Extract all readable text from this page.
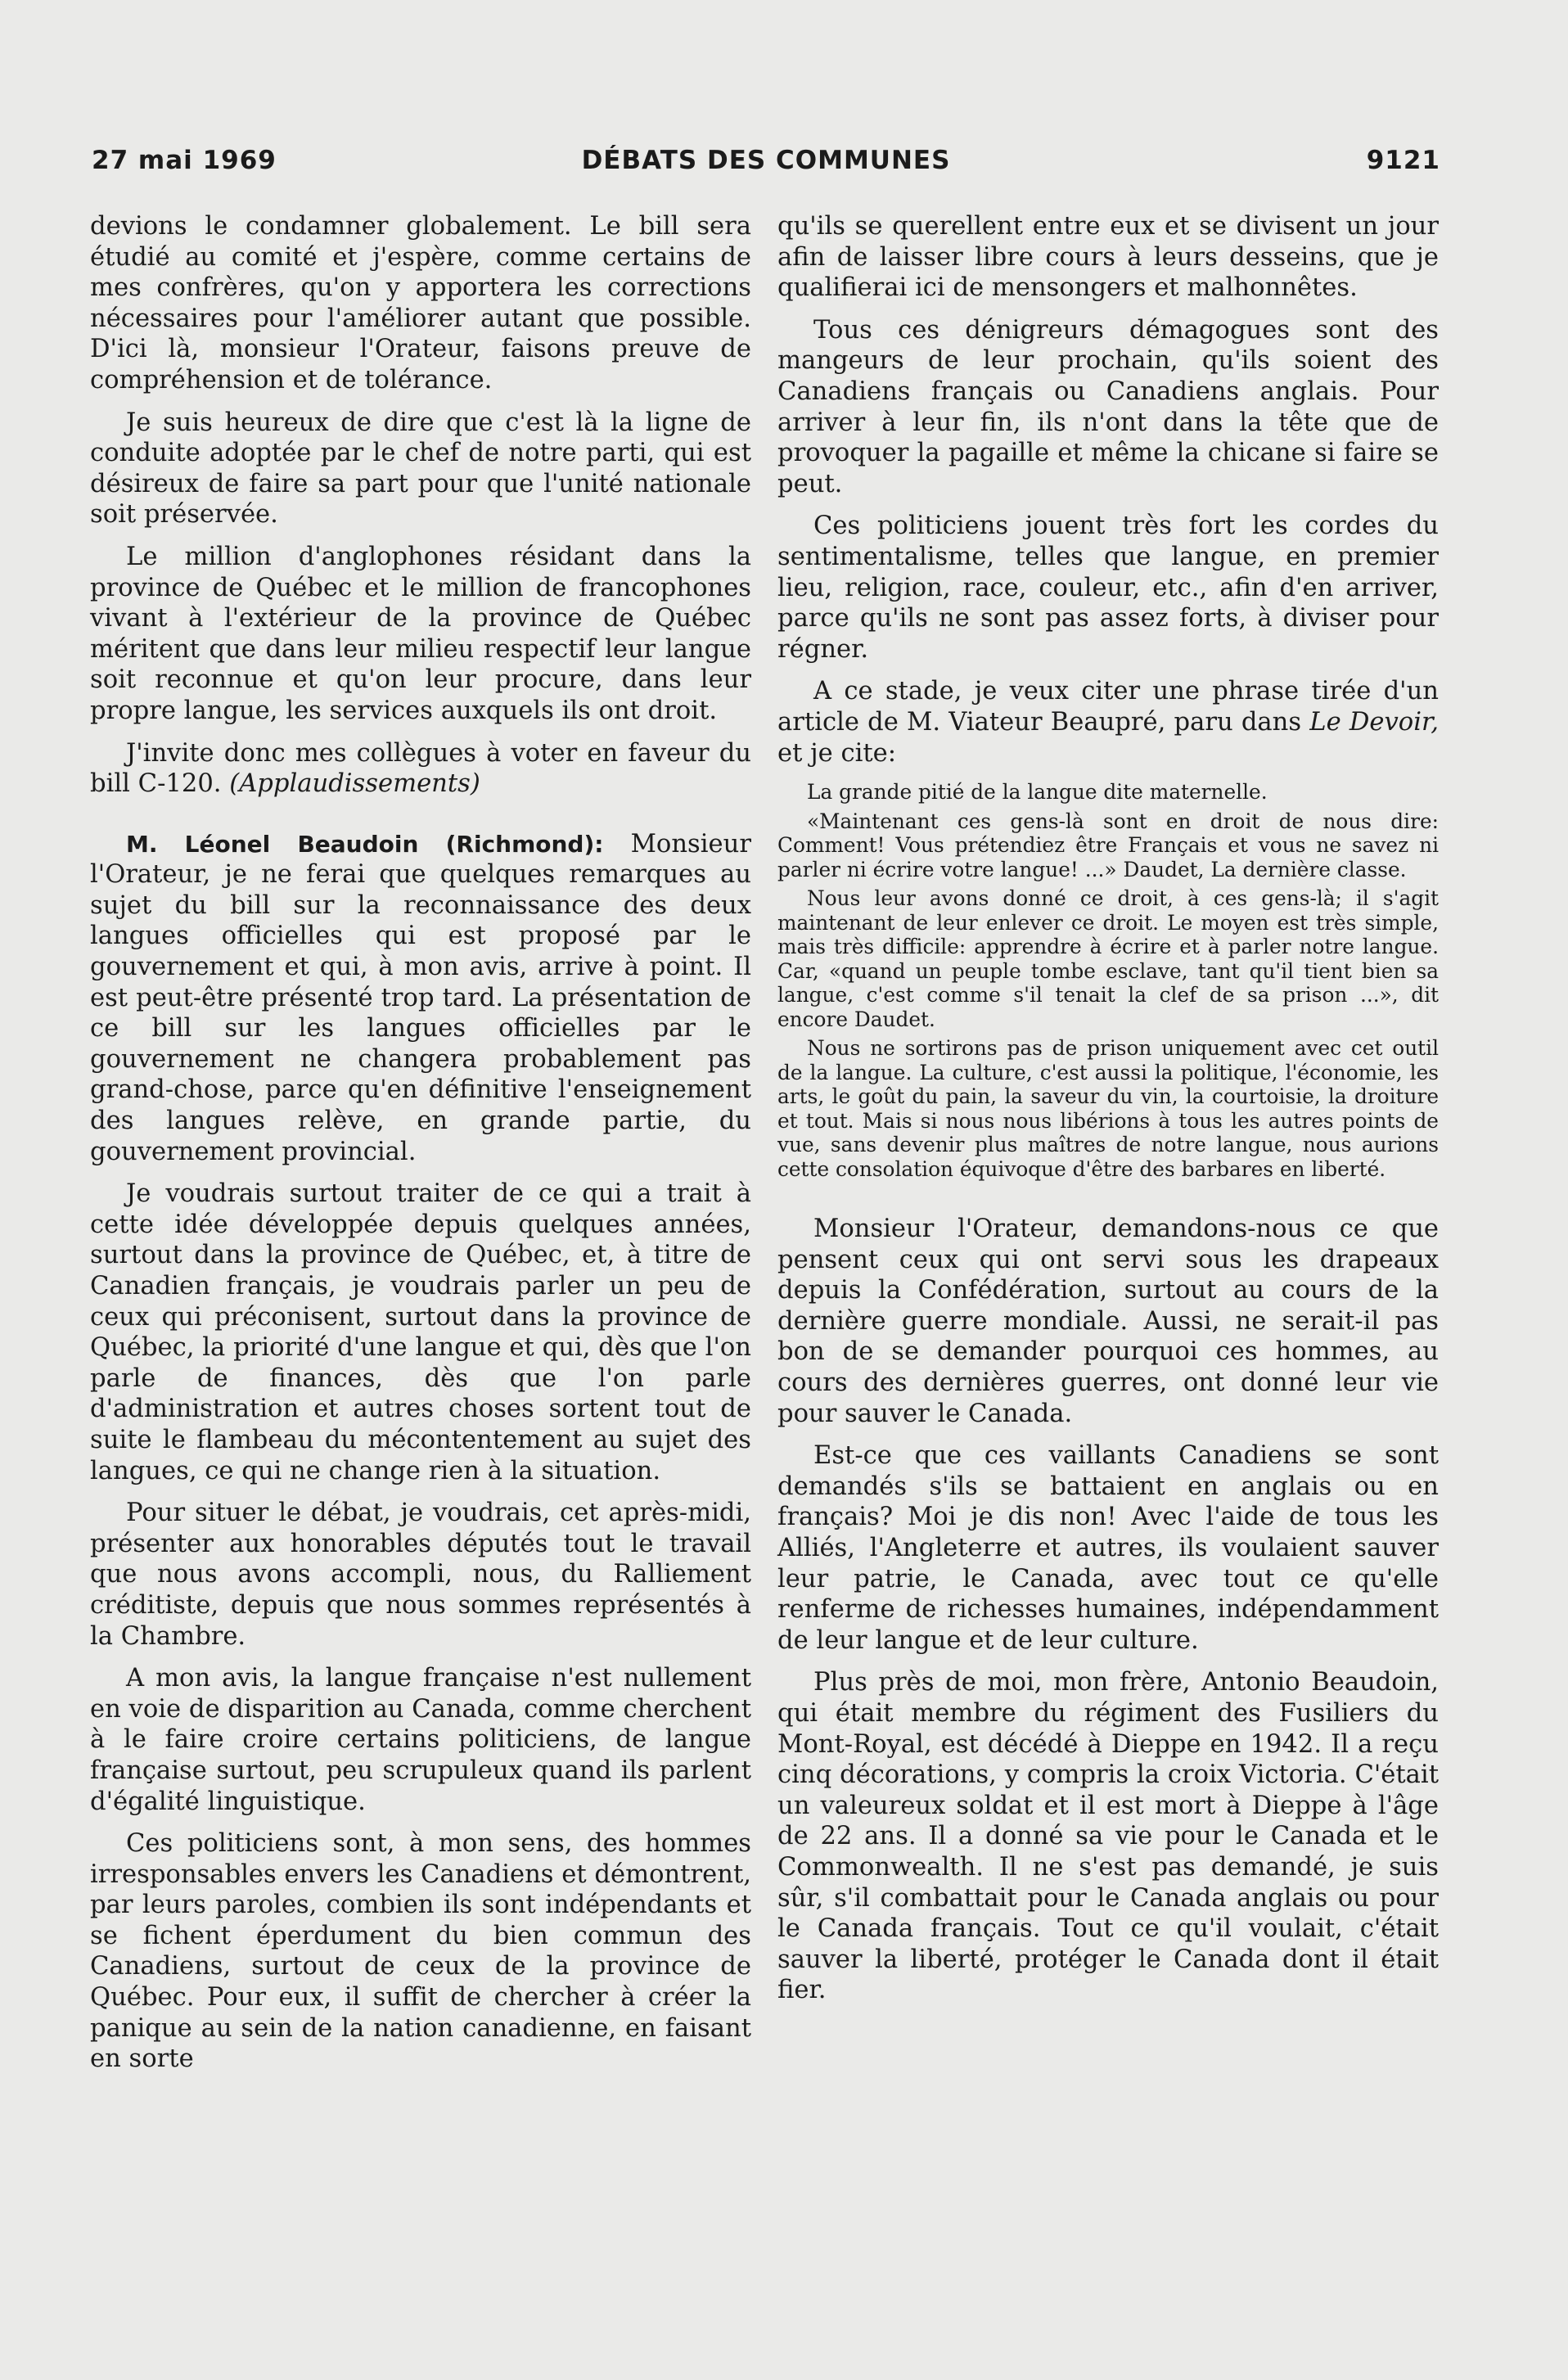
27 mai 1969	DÉBATS DES COMMUNES	9121

devions le condamner globalement. Le bill sera étudié au comité et j'espère, comme certains de mes confrères, qu'on y apportera les corrections nécessaires pour l'améliorer autant que possible. D'ici là, monsieur l'Orateur, faisons preuve de compréhension et de tolérance.

Je suis heureux de dire que c'est là la ligne de conduite adoptée par le chef de notre parti, qui est désireux de faire sa part pour que l'unité nationale soit préservée.

Le million d'anglophones résidant dans la province de Québec et le million de francophones vivant à l'extérieur de la province de Québec méritent que dans leur milieu respectif leur langue soit reconnue et qu'on leur procure, dans leur propre langue, les services auxquels ils ont droit.

J'invite donc mes collègues à voter en faveur du bill C-120. (Applaudissements)

M. Léonel Beaudoin (Richmond): Monsieur l'Orateur, je ne ferai que quelques remarques au sujet du bill sur la reconnaissance des deux langues officielles qui est proposé par le gouvernement et qui, à mon avis, arrive à point. Il est peut-être présenté trop tard. La présentation de ce bill sur les langues officielles par le gouvernement ne changera probablement pas grand-chose, parce qu'en définitive l'enseignement des langues relève, en grande partie, du gouvernement provincial.

Je voudrais surtout traiter de ce qui a trait à cette idée développée depuis quelques années, surtout dans la province de Québec, et, à titre de Canadien français, je voudrais parler un peu de ceux qui préconisent, surtout dans la province de Québec, la priorité d'une langue et qui, dès que l'on parle de finances, dès que l'on parle d'administration et autres choses sortent tout de suite le flambeau du mécontentement au sujet des langues, ce qui ne change rien à la situation.

Pour situer le débat, je voudrais, cet après-midi, présenter aux honorables députés tout le travail que nous avons accompli, nous, du Ralliement créditiste, depuis que nous sommes représentés à la Chambre.

A mon avis, la langue française n'est nullement en voie de disparition au Canada, comme cherchent à le faire croire certains politiciens, de langue française surtout, peu scrupuleux quand ils parlent d'égalité linguistique.

Ces politiciens sont, à mon sens, des hommes irresponsables envers les Canadiens et démontrent, par leurs paroles, combien ils sont indépendants et se fichent éperdument du bien commun des Canadiens, surtout de ceux de la province de Québec. Pour eux, il suffit de chercher à créer la panique au sein de la nation canadienne, en faisant en sorte

qu'ils se querellent entre eux et se divisent un jour afin de laisser libre cours à leurs desseins, que je qualifierai ici de mensongers et malhonnêtes.

Tous ces dénigreurs démagogues sont des mangeurs de leur prochain, qu'ils soient des Canadiens français ou Canadiens anglais. Pour arriver à leur fin, ils n'ont dans la tête que de provoquer la pagaille et même la chicane si faire se peut.

Ces politiciens jouent très fort les cordes du sentimentalisme, telles que langue, en premier lieu, religion, race, couleur, etc., afin d'en arriver, parce qu'ils ne sont pas assez forts, à diviser pour régner.

A ce stade, je veux citer une phrase tirée d'un article de M. Viateur Beaupré, paru dans Le Devoir, et je cite:

La grande pitié de la langue dite maternelle.

«Maintenant ces gens-là sont en droit de nous dire: Comment! Vous prétendiez être Français et vous ne savez ni parler ni écrire votre langue! ...» Daudet, La dernière classe.

Nous leur avons donné ce droit, à ces gens-là; il s'agit maintenant de leur enlever ce droit. Le moyen est très simple, mais très difficile: apprendre à écrire et à parler notre langue. Car, «quand un peuple tombe esclave, tant qu'il tient bien sa langue, c'est comme s'il tenait la clef de sa prison ...», dit encore Daudet.

Nous ne sortirons pas de prison uniquement avec cet outil de la langue. La culture, c'est aussi la politique, l'économie, les arts, le goût du pain, la saveur du vin, la courtoisie, la droiture et tout. Mais si nous nous libérions à tous les autres points de vue, sans devenir plus maîtres de notre langue, nous aurions cette consolation équivoque d'être des barbares en liberté.

Monsieur l'Orateur, demandons-nous ce que pensent ceux qui ont servi sous les drapeaux depuis la Confédération, surtout au cours de la dernière guerre mondiale. Aussi, ne serait-il pas bon de se demander pourquoi ces hommes, au cours des dernières guerres, ont donné leur vie pour sauver le Canada.

Est-ce que ces vaillants Canadiens se sont demandés s'ils se battaient en anglais ou en français? Moi je dis non! Avec l'aide de tous les Alliés, l'Angleterre et autres, ils voulaient sauver leur patrie, le Canada, avec tout ce qu'elle renferme de richesses humaines, indépendamment de leur langue et de leur culture.

Plus près de moi, mon frère, Antonio Beaudoin, qui était membre du régiment des Fusiliers du Mont-Royal, est décédé à Dieppe en 1942. Il a reçu cinq décorations, y compris la croix Victoria. C'était un valeureux soldat et il est mort à Dieppe à l'âge de 22 ans. Il a donné sa vie pour le Canada et le Commonwealth. Il ne s'est pas demandé, je suis sûr, s'il combattait pour le Canada anglais ou pour le Canada français. Tout ce qu'il voulait, c'était sauver la liberté, protéger le Canada dont il était fier.
